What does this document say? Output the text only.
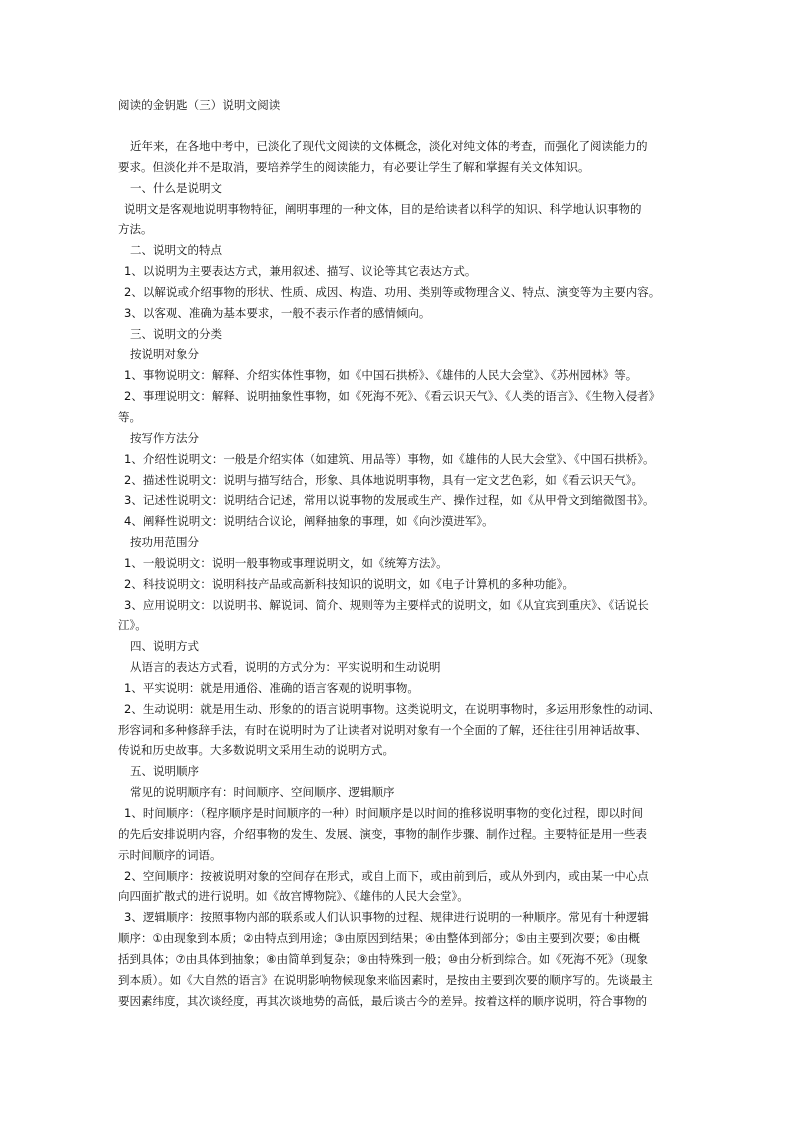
阅读的金钥匙（三）说明文阅读
近年来，在各地中考中，已淡化了现代文阅读的文体概念，淡化对纯文体的考查，而强化了阅读能力的
要求。但淡化并不是取消，要培养学生的阅读能力，有必要让学生了解和掌握有关文体知识。
一、什么是说明文
说明文是客观地说明事物特征，阐明事理的一种文体，目的是给读者以科学的知识、科学地认识事物的
方法。
二、说明文的特点
1、以说明为主要表达方式，兼用叙述、描写、议论等其它表达方式。
2、以解说或介绍事物的形状、性质、成因、构造、功用、类别等或物理含义、特点、演变等为主要内容。
3、以客观、准确为基本要求，一般不表示作者的感情倾向。
三、说明文的分类
按说明对象分
1、事物说明文：解释、介绍实体性事物，如《中国石拱桥》、《雄伟的人民大会堂》、《苏州园林》等。
2、事理说明文：解释、说明抽象性事物，如《死海不死》、《看云识天气》、《人类的语言》、《生物入侵者》
等。
按写作方法分
1、介绍性说明文：一般是介绍实体（如建筑、用品等）事物，如《雄伟的人民大会堂》、《中国石拱桥》。
2、描述性说明文：说明与描写结合，形象、具体地说明事物，具有一定文艺色彩，如《看云识天气》。
3、记述性说明文：说明结合记述，常用以说事物的发展或生产、操作过程，如《从甲骨文到缩微图书》。
4、阐释性说明文：说明结合议论，阐释抽象的事理，如《向沙漠进军》。
按功用范围分
1、一般说明文：说明一般事物或事理说明文，如《统筹方法》。
2、科技说明文：说明科技产品或高新科技知识的说明文，如《电子计算机的多种功能》。
3、应用说明文：以说明书、解说词、简介、规则等为主要样式的说明文，如《从宜宾到重庆》、《话说长
江》。
四、说明方式
从语言的表达方式看，说明的方式分为：平实说明和生动说明
1、平实说明：就是用通俗、准确的语言客观的说明事物。
2、生动说明：就是用生动、形象的的语言说明事物。这类说明文，在说明事物时，多运用形象性的动词、
形容词和多种修辞手法，有时在说明时为了让读者对说明对象有一个全面的了解，还往往引用神话故事、
传说和历史故事。大多数说明文采用生动的说明方式。
五、说明顺序
常见的说明顺序有：时间顺序、空间顺序、逻辑顺序
1、时间顺序：（程序顺序是时间顺序的一种）时间顺序是以时间的推移说明事物的变化过程，即以时间
的先后安排说明内容，介绍事物的发生、发展、演变，事物的制作步骤、制作过程。主要特征是用一些表
示时间顺序的词语。
2、空间顺序：按被说明对象的空间存在形式，或自上而下，或由前到后，或从外到内，或由某一中心点
向四面扩散式的进行说明。如《故宫博物院》、《雄伟的人民大会堂》。
3、逻辑顺序：按照事物内部的联系或人们认识事物的过程、规律进行说明的一种顺序。常见有十种逻辑
顺序：①由现象到本质；②由特点到用途；③由原因到结果；④由整体到部分；⑤由主要到次要；⑥由概
括到具体；⑦由具体到抽象；⑧由简单到复杂；⑨由特殊到一般；⑩由分析到综合。如《死海不死》（现象
到本质）。如《大自然的语言》在说明影响物候现象来临因素时，是按由主要到次要的顺序写的。先谈最主
要因素纬度，其次谈经度，再其次谈地势的高低，最后谈古今的差异。按着这样的顺序说明，符合事物的
